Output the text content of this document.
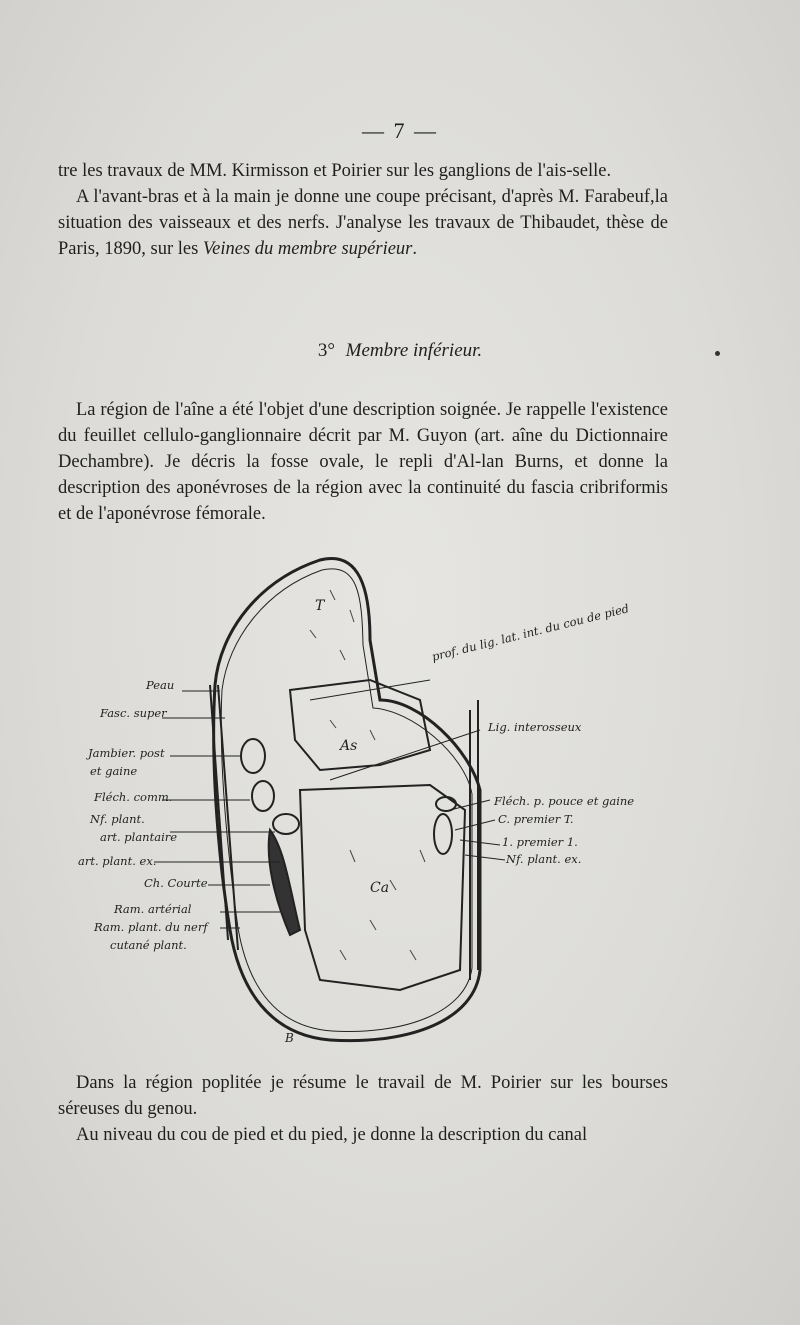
— 7 —

tre les travaux de MM. Kirmisson et Poirier sur les ganglions de l'ais-selle.

A l'avant-bras et à la main je donne une coupe précisant, d'après M. Farabeuf,la situation des vaisseaux et des nerfs. J'analyse les travaux de Thibaudet, thèse de Paris, 1890, sur les Veines du membre supérieur.

3° Membre inférieur.

La région de l'aîne a été l'objet d'une description soignée. Je rappelle l'existence du feuillet cellulo-ganglionnaire décrit par M. Guyon (art. aîne du Dictionnaire Dechambre). Je décris la fosse ovale, le repli d'Al-lan Burns, et donne la description des aponévroses de la région avec la continuité du fascia cribriformis et de l'aponévrose fémorale.

As
Ca
T
B
Peau
Fasc. super
Jambier. post
et gaine
Fléch. comm.
Nf. plant.
art. plantaire
art. plant. ex.
Ch. Courte
Ram. artérial
Ram. plant. du nerf
cutané plant.
prof. du lig. lat. int. du cou de pied
Lig. interosseux
Fléch. p. pouce et gaine
C. premier T.
1. premier 1.
Nf. plant. ex.

Dans la région poplitée je résume le travail de M. Poirier sur les bourses séreuses du genou.

Au niveau du cou de pied et du pied, je donne la description du canal
